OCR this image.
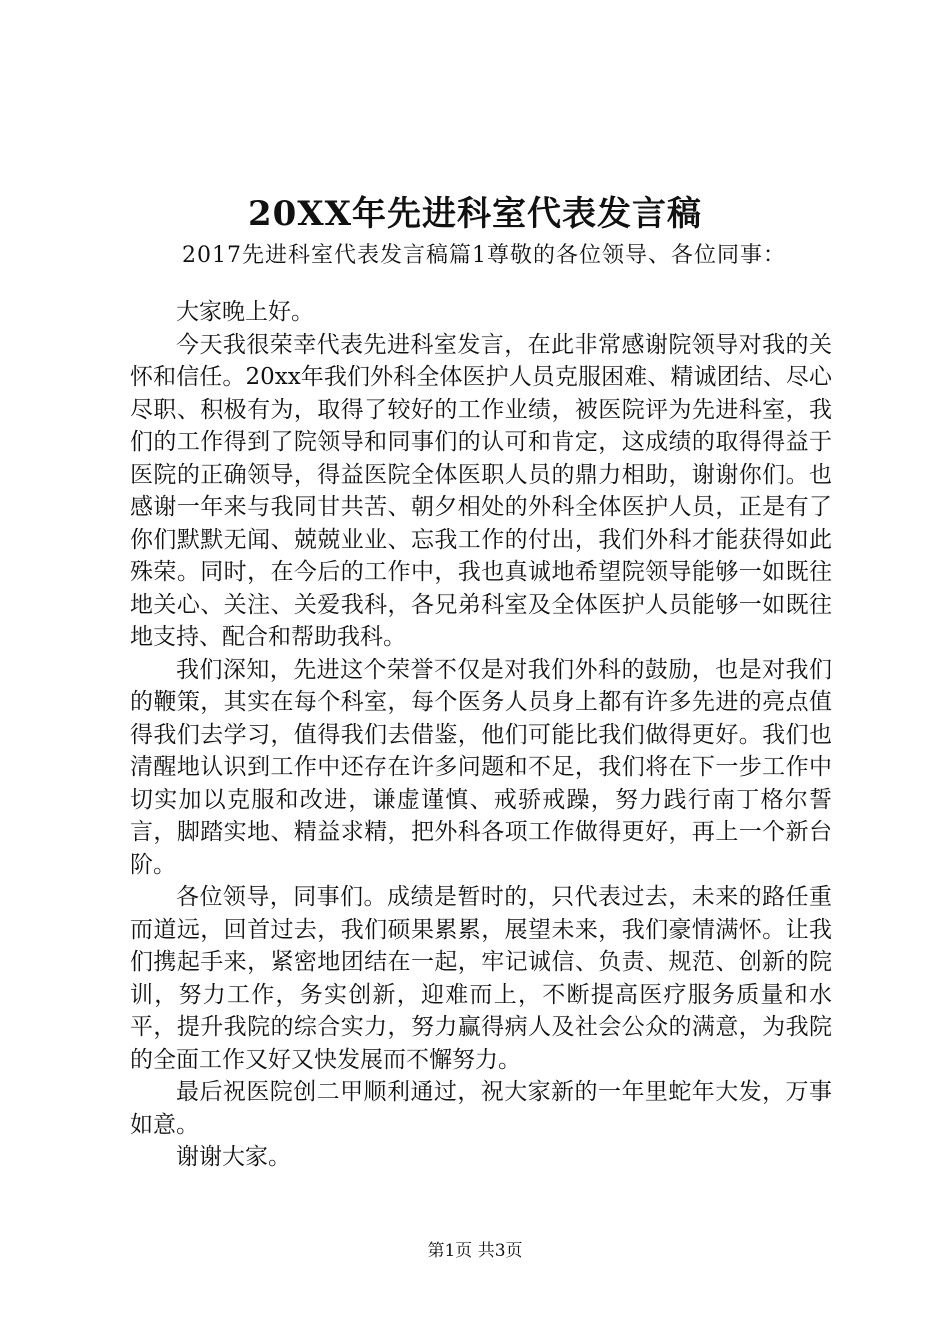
20XX年先进科室代表发言稿
2017先进科室代表发言稿篇1尊敬的各位领导、各位同事：

大家晚上好。

今天我很荣幸代表先进科室发言，在此非常感谢院领导对我的关怀和信任。20xx年我们外科全体医护人员克服困难、精诚团结、尽心尽职、积极有为，取得了较好的工作业绩，被医院评为先进科室，我们的工作得到了院领导和同事们的认可和肯定，这成绩的取得得益于医院的正确领导，得益医院全体医职人员的鼎力相助，谢谢你们。也感谢一年来与我同甘共苦、朝夕相处的外科全体医护人员，正是有了你们默默无闻、兢兢业业、忘我工作的付出，我们外科才能获得如此殊荣。同时，在今后的工作中，我也真诚地希望院领导能够一如既往地关心、关注、关爱我科，各兄弟科室及全体医护人员能够一如既往地支持、配合和帮助我科。

我们深知，先进这个荣誉不仅是对我们外科的鼓励，也是对我们的鞭策，其实在每个科室，每个医务人员身上都有许多先进的亮点值得我们去学习，值得我们去借鉴，他们可能比我们做得更好。我们也清醒地认识到工作中还存在许多问题和不足，我们将在下一步工作中切实加以克服和改进，谦虚谨慎、戒骄戒躁，努力践行南丁格尔誓言，脚踏实地、精益求精，把外科各项工作做得更好，再上一个新台阶。

各位领导，同事们。成绩是暂时的，只代表过去，未来的路任重而道远，回首过去，我们硕果累累，展望未来，我们豪情满怀。让我们携起手来，紧密地团结在一起，牢记诚信、负责、规范、创新的院训，努力工作，务实创新，迎难而上，不断提高医疗服务质量和水平，提升我院的综合实力，努力赢得病人及社会公众的满意，为我院的全面工作又好又快发展而不懈努力。

最后祝医院创二甲顺利通过，祝大家新的一年里蛇年大发，万事如意。

谢谢大家。

第1页 共3页
